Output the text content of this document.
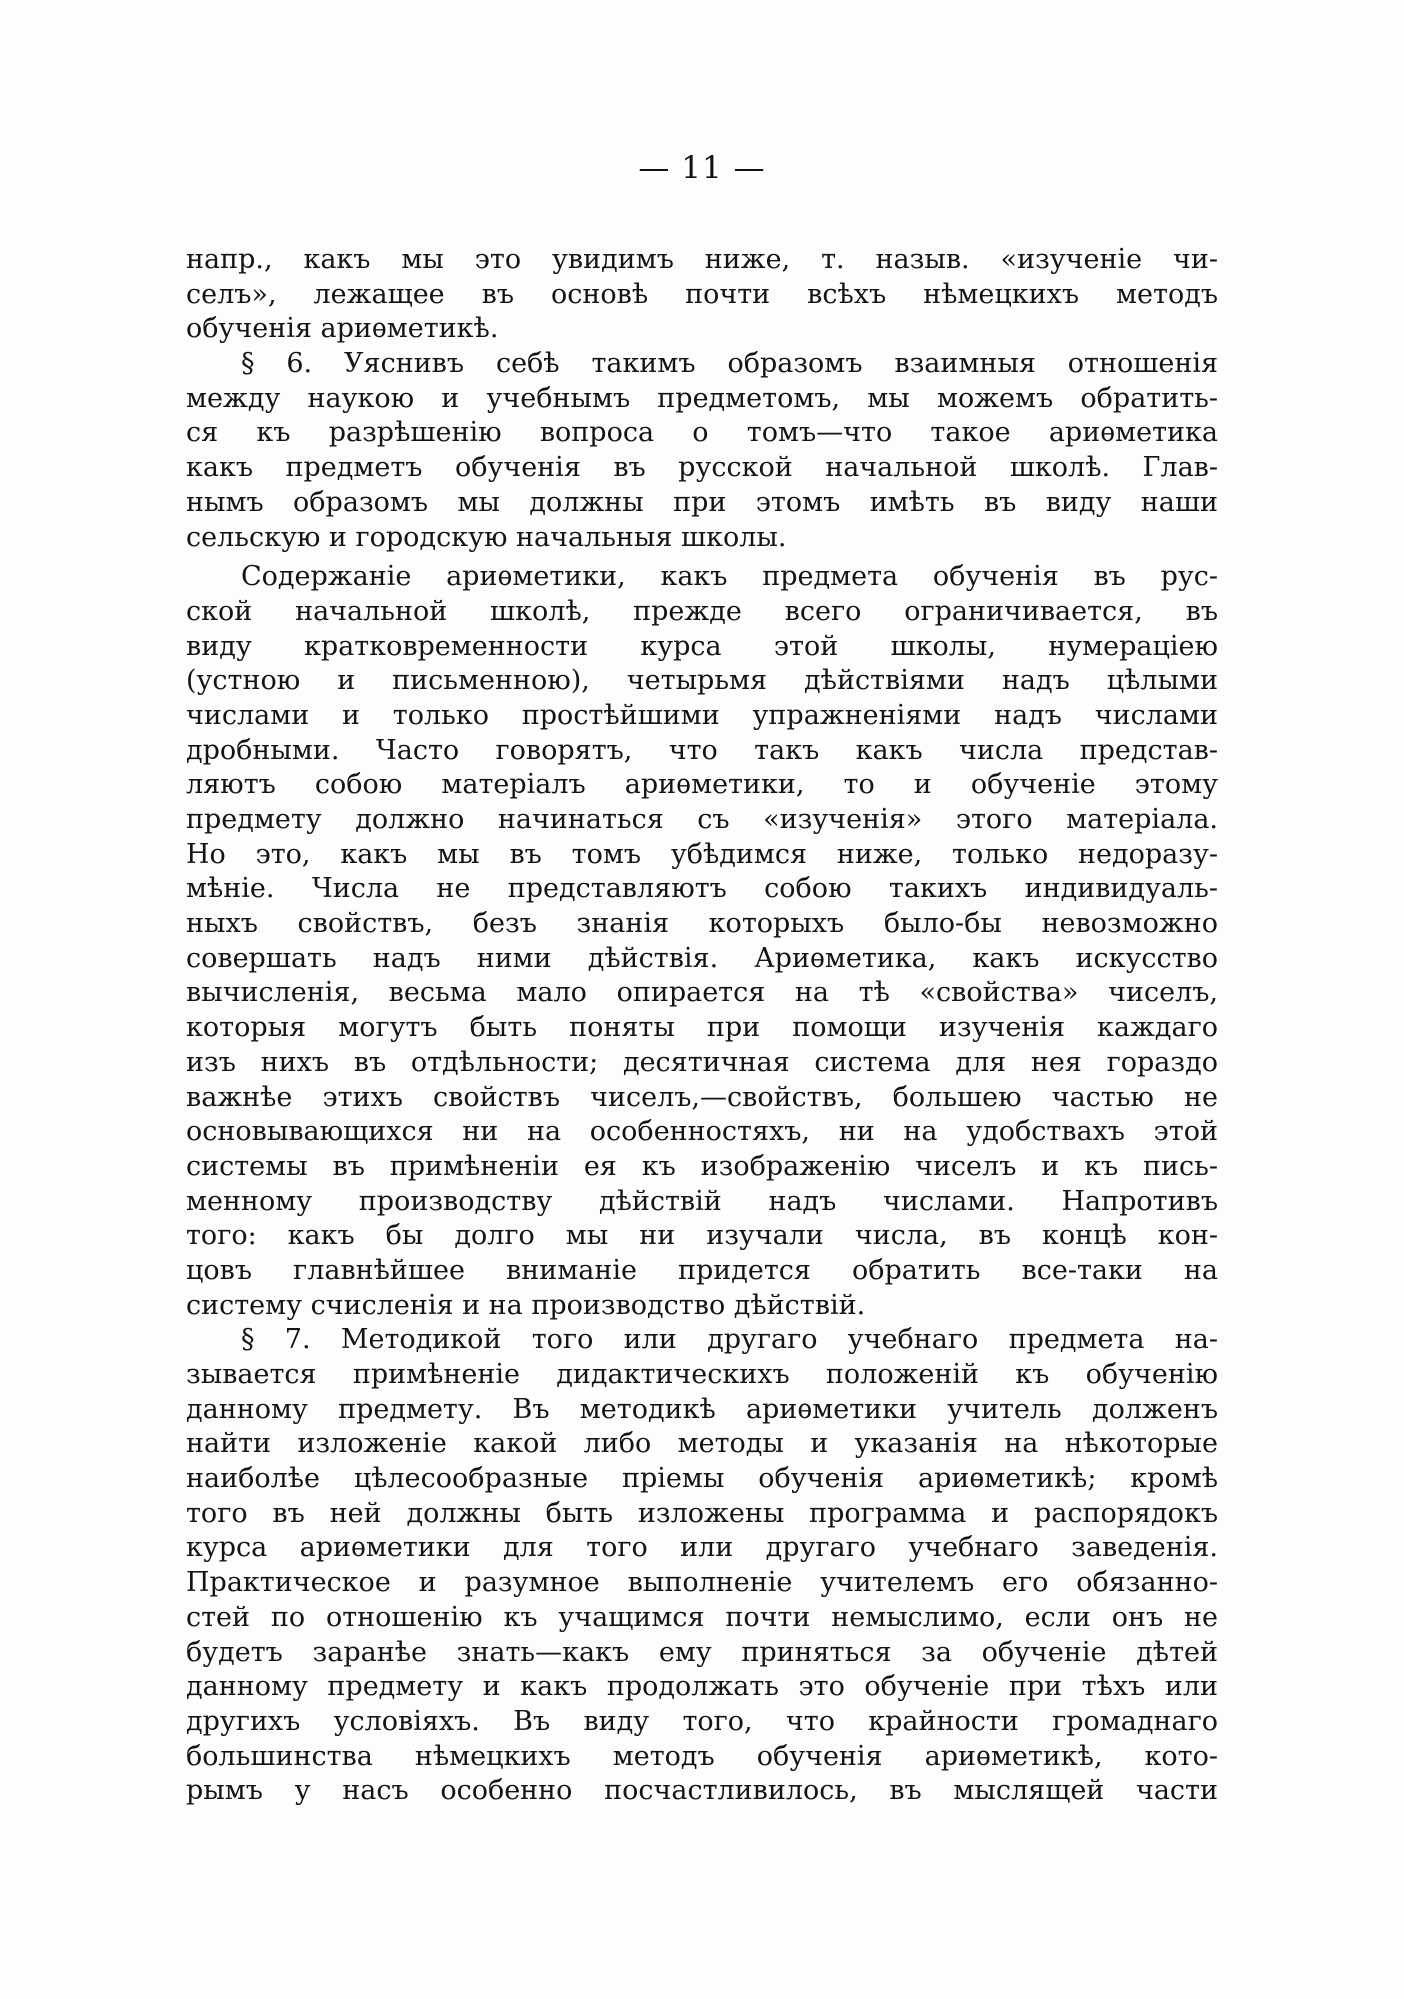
— 11 —
напр., какъ мы это увидимъ ниже, т. назыв. «изученіе чи-
селъ», лежащее въ основѣ почти всѣхъ нѣмецкихъ методъ
обученія ариѳметикѣ.
§ 6. Уяснивъ себѣ такимъ образомъ взаимныя отношенія
между наукою и учебнымъ предметомъ, мы можемъ обратить-
ся къ разрѣшенію вопроса о томъ—что такое ариѳметика
какъ предметъ обученія въ русской начальной школѣ. Глав-
нымъ образомъ мы должны при этомъ имѣть въ виду наши
сельскую и городскую начальныя школы.
Содержаніе ариѳметики, какъ предмета обученія въ рус-
ской начальной школѣ, прежде всего ограничивается, въ
виду кратковременности курса этой школы, нумераціею
(устною и письменною), четырьмя дѣйствіями надъ цѣлыми
числами и только простѣйшими упражненіями надъ числами
дробными. Часто говорятъ, что такъ какъ числа представ-
ляютъ собою матеріалъ ариѳметики, то и обученіе этому
предмету должно начинаться съ «изученія» этого матеріала.
Но это, какъ мы въ томъ убѣдимся ниже, только недоразу-
мѣніе. Числа не представляютъ собою такихъ индивидуаль-
ныхъ свойствъ, безъ знанія которыхъ было-бы невозможно
совершать надъ ними дѣйствія. Ариѳметика, какъ искусство
вычисленія, весьма мало опирается на тѣ «свойства» чиселъ,
которыя могутъ быть поняты при помощи изученія каждаго
изъ нихъ въ отдѣльности; десятичная система для нея гораздо
важнѣе этихъ свойствъ чиселъ,—свойствъ, большею частью не
основывающихся ни на особенностяхъ, ни на удобствахъ этой
системы въ примѣненіи ея къ изображенію чиселъ и къ пись-
менному производству дѣйствій надъ числами. Напротивъ
того: какъ бы долго мы ни изучали числа, въ концѣ кон-
цовъ главнѣйшее вниманіе придется обратить все-таки на
систему счисленія и на производство дѣйствій.
§ 7. Методикой того или другаго учебнаго предмета на-
зывается примѣненіе дидактическихъ положеній къ обученію
данному предмету. Въ методикѣ ариѳметики учитель долженъ
найти изложеніе какой либо методы и указанія на нѣкоторые
наиболѣе цѣлесообразные пріемы обученія ариѳметикѣ; кромѣ
того въ ней должны быть изложены программа и распорядокъ
курса ариѳметики для того или другаго учебнаго заведенія.
Практическое и разумное выполненіе учителемъ его обязанно-
стей по отношенію къ учащимся почти немыслимо, если онъ не
будетъ заранѣе знать—какъ ему приняться за обученіе дѣтей
данному предмету и какъ продолжать это обученіе при тѣхъ или
другихъ условіяхъ. Въ виду того, что крайности громаднаго
большинства нѣмецкихъ методъ обученія ариѳметикѣ, кото-
рымъ у насъ особенно посчастливилось, въ мыслящей части
